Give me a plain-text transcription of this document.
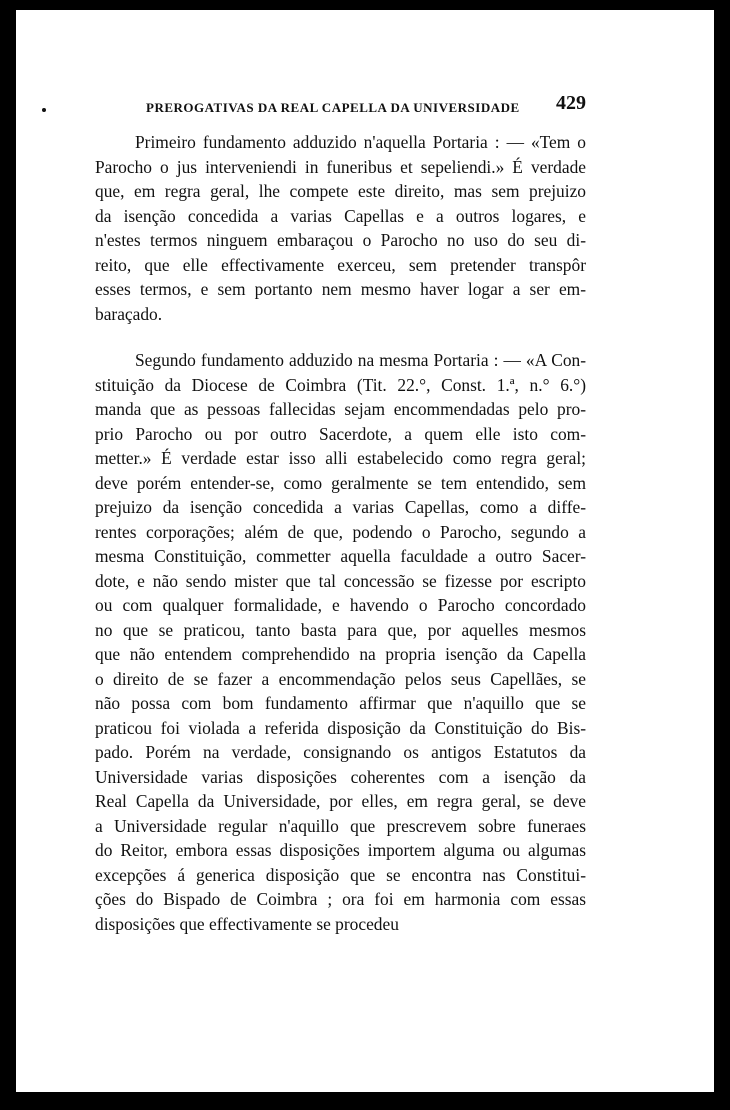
PREROGATIVAS DA REAL CAPELLA DA UNIVERSIDADE 429

Primeiro fundamento adduzido n'aquella Portaria : — «Tem o
Parocho o jus interveniendi in funeribus et sepeliendi.» É verdade
que, em regra geral, lhe compete este direito, mas sem prejuizo
da isenção concedida a varias Capellas e a outros logares, e
n'estes termos ninguem embaraçou o Parocho no uso do seu di-
reito, que elle effectivamente exerceu, sem pretender transpôr
esses termos, e sem portanto nem mesmo haver logar a ser em-
baraçado.

Segundo fundamento adduzido na mesma Portaria : — «A Con-
stituição da Diocese de Coimbra (Tit. 22.°, Const. 1.ª, n.° 6.°)
manda que as pessoas fallecidas sejam encommendadas pelo pro-
prio Parocho ou por outro Sacerdote, a quem elle isto com-
metter.» É verdade estar isso alli estabelecido como regra geral;
deve porém entender-se, como geralmente se tem entendido, sem
prejuizo da isenção concedida a varias Capellas, como a diffe-
rentes corporações; além de que, podendo o Parocho, segundo a
mesma Constituição, commetter aquella faculdade a outro Sacer-
dote, e não sendo mister que tal concessão se fizesse por escripto
ou com qualquer formalidade, e havendo o Parocho concordado
no que se praticou, tanto basta para que, por aquelles mesmos
que não entendem comprehendido na propria isenção da Capella
o direito de se fazer a encommendação pelos seus Capellães, se
não possa com bom fundamento affirmar que n'aquillo que se
praticou foi violada a referida disposição da Constituição do Bis-
pado. Porém na verdade, consignando os antigos Estatutos da
Universidade varias disposições coherentes com a isenção da
Real Capella da Universidade, por elles, em regra geral, se deve
a Universidade regular n'aquillo que prescrevem sobre funeraes
do Reitor, embora essas disposições importem alguma ou algumas
excepções á generica disposição que se encontra nas Constitui-
ções do Bispado de Coimbra ; ora foi em harmonia com essas
disposições que effectivamente se procedeu
